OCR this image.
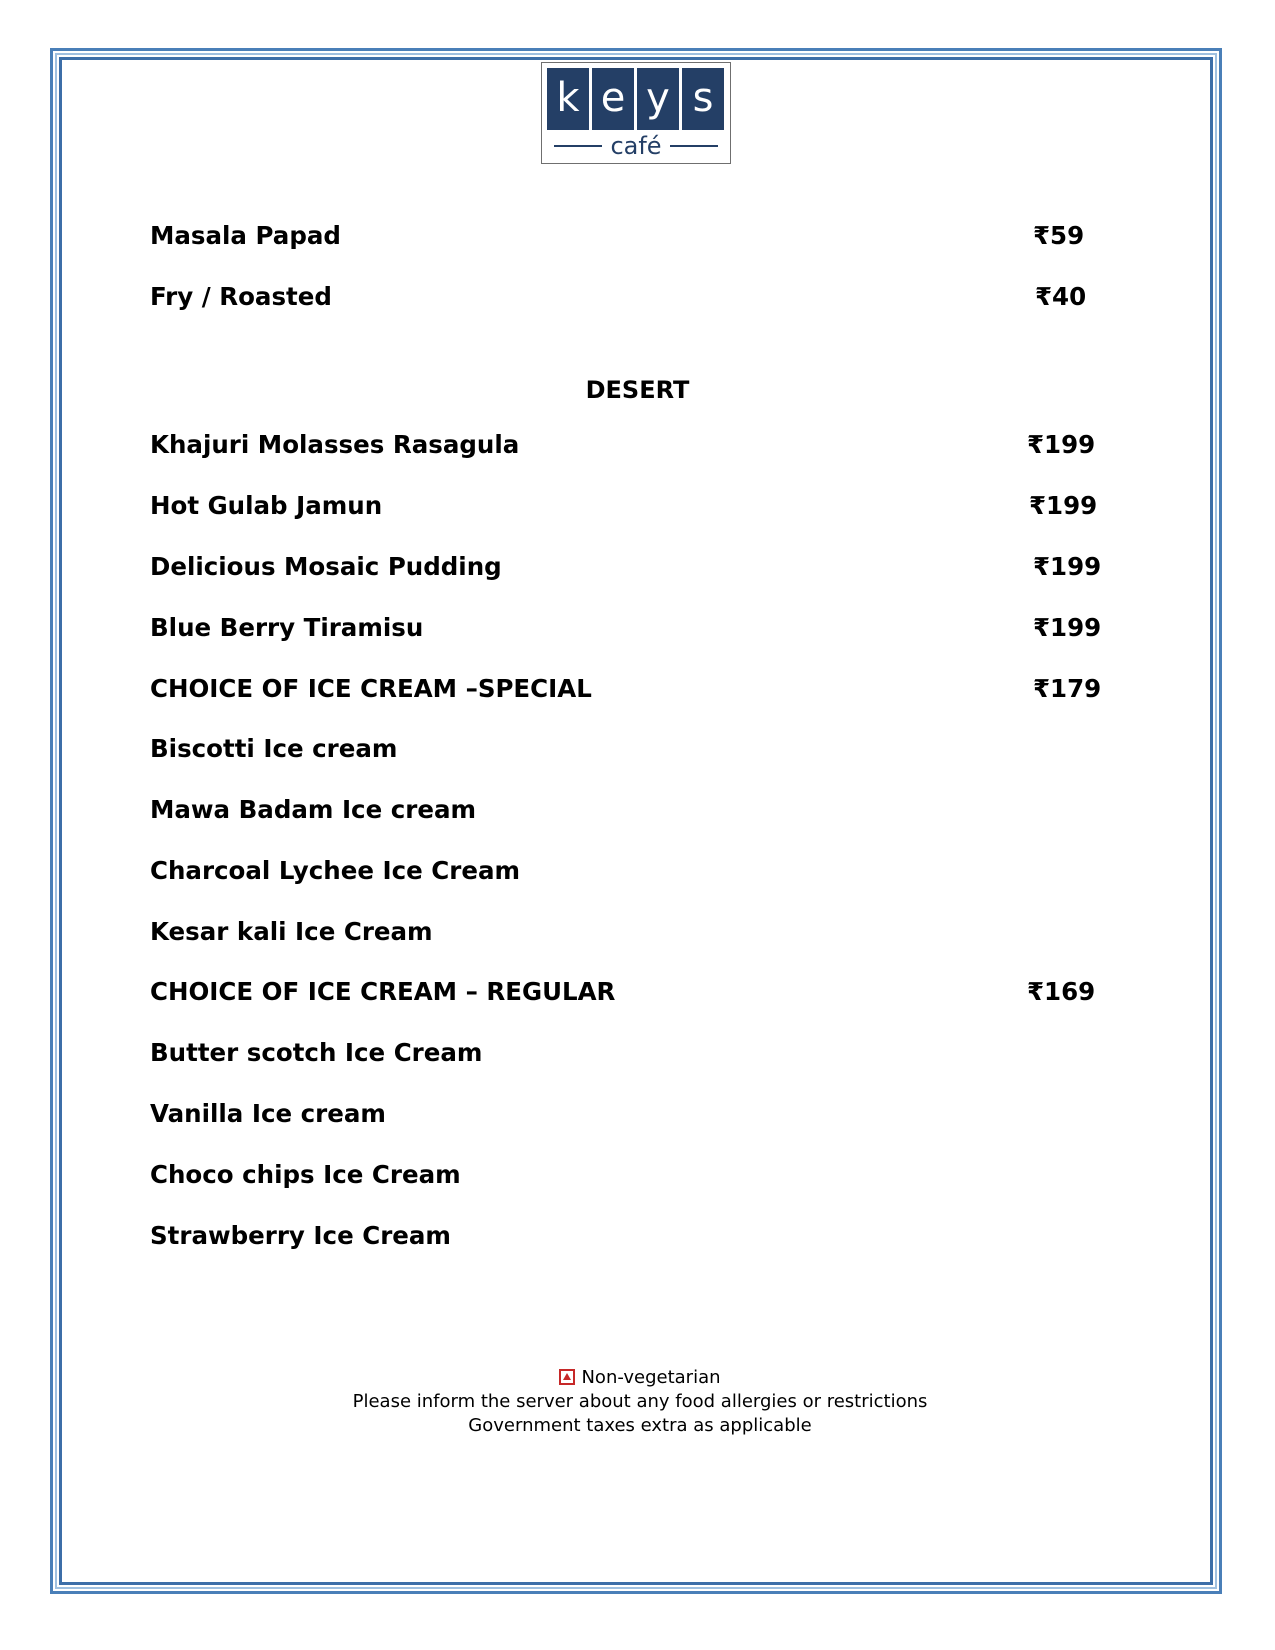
k e y s
café
Masala Papad	₹59
Fry / Roasted	₹40
DESERT
Khajuri Molasses Rasagula	₹199
Hot Gulab Jamun	₹199
Delicious Mosaic Pudding	₹199
Blue Berry Tiramisu	₹199
CHOICE OF ICE CREAM –SPECIAL	₹179
Biscotti Ice cream
Mawa Badam Ice cream
Charcoal Lychee Ice Cream
Kesar kali Ice Cream
CHOICE OF ICE CREAM – REGULAR	₹169
Butter scotch Ice Cream
Vanilla Ice cream
Choco chips Ice Cream
Strawberry Ice Cream
Non-vegetarian
Please inform the server about any food allergies or restrictions
Government taxes extra as applicable
